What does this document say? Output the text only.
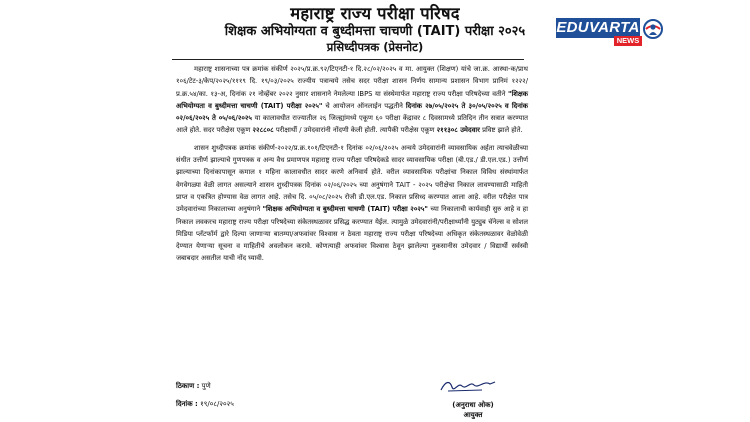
महाराष्ट्र राज्य परीक्षा परिषद
शिक्षक अभियोग्यता व बुध्दीमत्ता चाचणी (TAIT) परीक्षा २०२५
प्रसिध्दीपत्रक (प्रेसनोट)
EDUVARTA
NEWS

महाराष्ट्र शासनाच्या पत्र क्रमांक संकीर्ण २०२५/प्र.क्र.९२/टिएनटी-१ दि.२८/०२/२०२५ व मा. आयुक्त (शिक्षण) यांचे जा.क्र. आस्था-क/प्राथ १०६/टेट-३/केप/२०२५/१११९ दि. १९/०३/२०२५ राज्यीय पत्रान्वये तसेच सदर परीक्षा शासन निर्णय सामान्य प्रशासन विभाग प्रानिमं १२२२/प्र.क्र.५४/का. १३-अ, दिनांक २१ नोव्हेंबर २०२२ नुसार शासनाने नेमलेल्या IBPS या संस्थेमार्फत महाराष्ट्र राज्य परीक्षा परिषदेच्या वतीने "शिक्षक अभियोग्यता व बुध्दीमत्ता चाचणी (TAIT) परीक्षा २०२५" चे आयोजन ऑनलाईन पद्धतीने दिनांक २७/०५/२०२५ ते ३०/०५/२०२५ व दिनांक ०२/०६/२०२५ ते ०५/०६/२०२५ या कालावधीत राज्यातील २६ जिल्ह्यांमध्ये एकूण ६० परीक्षा केंद्रावर ८ दिवसामध्ये प्रतिदिन तीन सत्रात करण्यात आले होते. सदर परीक्षेस एकूण २२८८०८ परीक्षार्थी / उमेदवारांनी नोंदणी केली होती. त्यापैकी परीक्षेस एकूण २११३०८ उमेदवार प्रविष्ट झाले होते.

शासन शुध्दीपत्रक क्रमांक संकीर्ण-२०२२/प्र.क्र.१०१/टिएनटी-१ दिनांक ०२/०६/२०२५ अन्वये उमेदवारांनी व्यावसायिक अर्हता त्याचवेळीच्या संधीत उत्तीर्ण झाल्याचे गुणपत्रक व अन्य वैध प्रमाणपत्र महाराष्ट्र राज्य परीक्षा परिषदेकडे सादर व्यावसायिक परीक्षा (बी.एड./ डी.एल.एड.) उत्तीर्ण झाल्याच्या दिनांकापासून कमाल १ महिना कालावधीत सादर करणे अनिवार्य होते. वरील व्यावसायिक परीक्षांचा निकाल विविध संस्थांमार्फत वेगवेगळ्या वेळी लागत असल्याने शासन शुध्दीपत्रक दिनांक ०२/०६/२०२५ च्या अनुषंगाने TAIT - २०२५ परीक्षेचा निकाल लावण्यासाठी माहिती प्राप्त व एकत्रित होण्यास वेळ लागत आहे. तसेच दि. ०५/०८/२०२५ रोजी डी.एल.एड. निकाल प्रसिध्द करण्यात आला आहे. वरील परीक्षेत पात्र उमेदवारांच्या निकालाच्या अनुषंगाने "शिक्षक अभियोग्यता व बुध्दीमत्ता चाचणी (TAIT) परीक्षा २०२५" च्या निकालाची कार्यवाही सुरु आहे व हा निकाल लवकरच महाराष्ट्र राज्य परीक्षा परिषदेच्या संकेतस्थळावर प्रसिद्ध करण्यात येईल. त्यामुळे उमेदवारांनी/परीक्षार्थ्यांनी युट्युब चॅनेल्स व सोशल मिडिया प्लॅटफॉर्म द्वारे दिल्या जाणाऱ्या बातम्या/अफवांवर विश्वास न ठेवता महाराष्ट्र राज्य परीक्षा परिषदेच्या अधिकृत संकेतस्थळावर वेळोवेळी देण्यात येणाऱ्या सूचना व माहितीचे अवलोकन करावे. कोणत्याही अफवांवर विश्वास ठेवून झालेल्या नुकसानीस उमेदवार / विद्यार्थी सर्वस्वी जबाबदार असतील याची नोंद घ्यावी.

ठिकाण : पुणे
दिनांक : १९/०८/२०२५	(अनुराधा ओक)
आयुक्त
